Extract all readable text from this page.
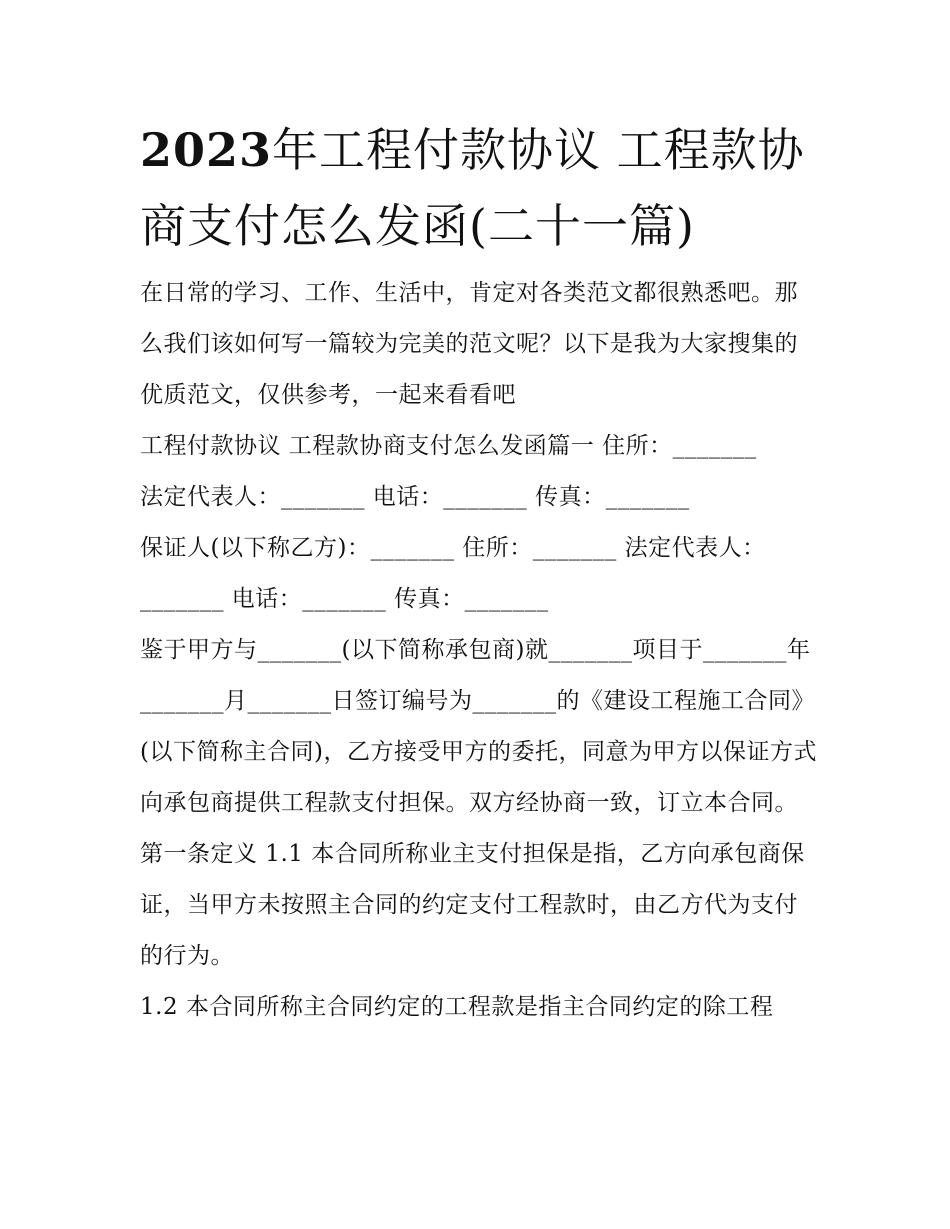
2023年工程付款协议 工程款协商支付怎么发函(二十一篇)

在日常的学习、工作、生活中，肯定对各类范文都很熟悉吧。那么我们该如何写一篇较为完美的范文呢？以下是我为大家搜集的优质范文，仅供参考，一起来看看吧

工程付款协议 工程款协商支付怎么发函篇一 住所：_______

法定代表人：_______ 电话：_______ 传真：_______

保证人(以下称乙方)：_______ 住所：_______ 法定代表人：_______ 电话：_______ 传真：_______

鉴于甲方与_______(以下简称承包商)就_______项目于_______年_______月_______日签订编号为_______的《建设工程施工合同》(以下简称主合同)，乙方接受甲方的委托，同意为甲方以保证方式向承包商提供工程款支付担保。双方经协商一致，订立本合同。

第一条定义 1.1 本合同所称业主支付担保是指，乙方向承包商保证，当甲方未按照主合同的约定支付工程款时，由乙方代为支付的行为。

1.2 本合同所称主合同约定的工程款是指主合同约定的除工程
